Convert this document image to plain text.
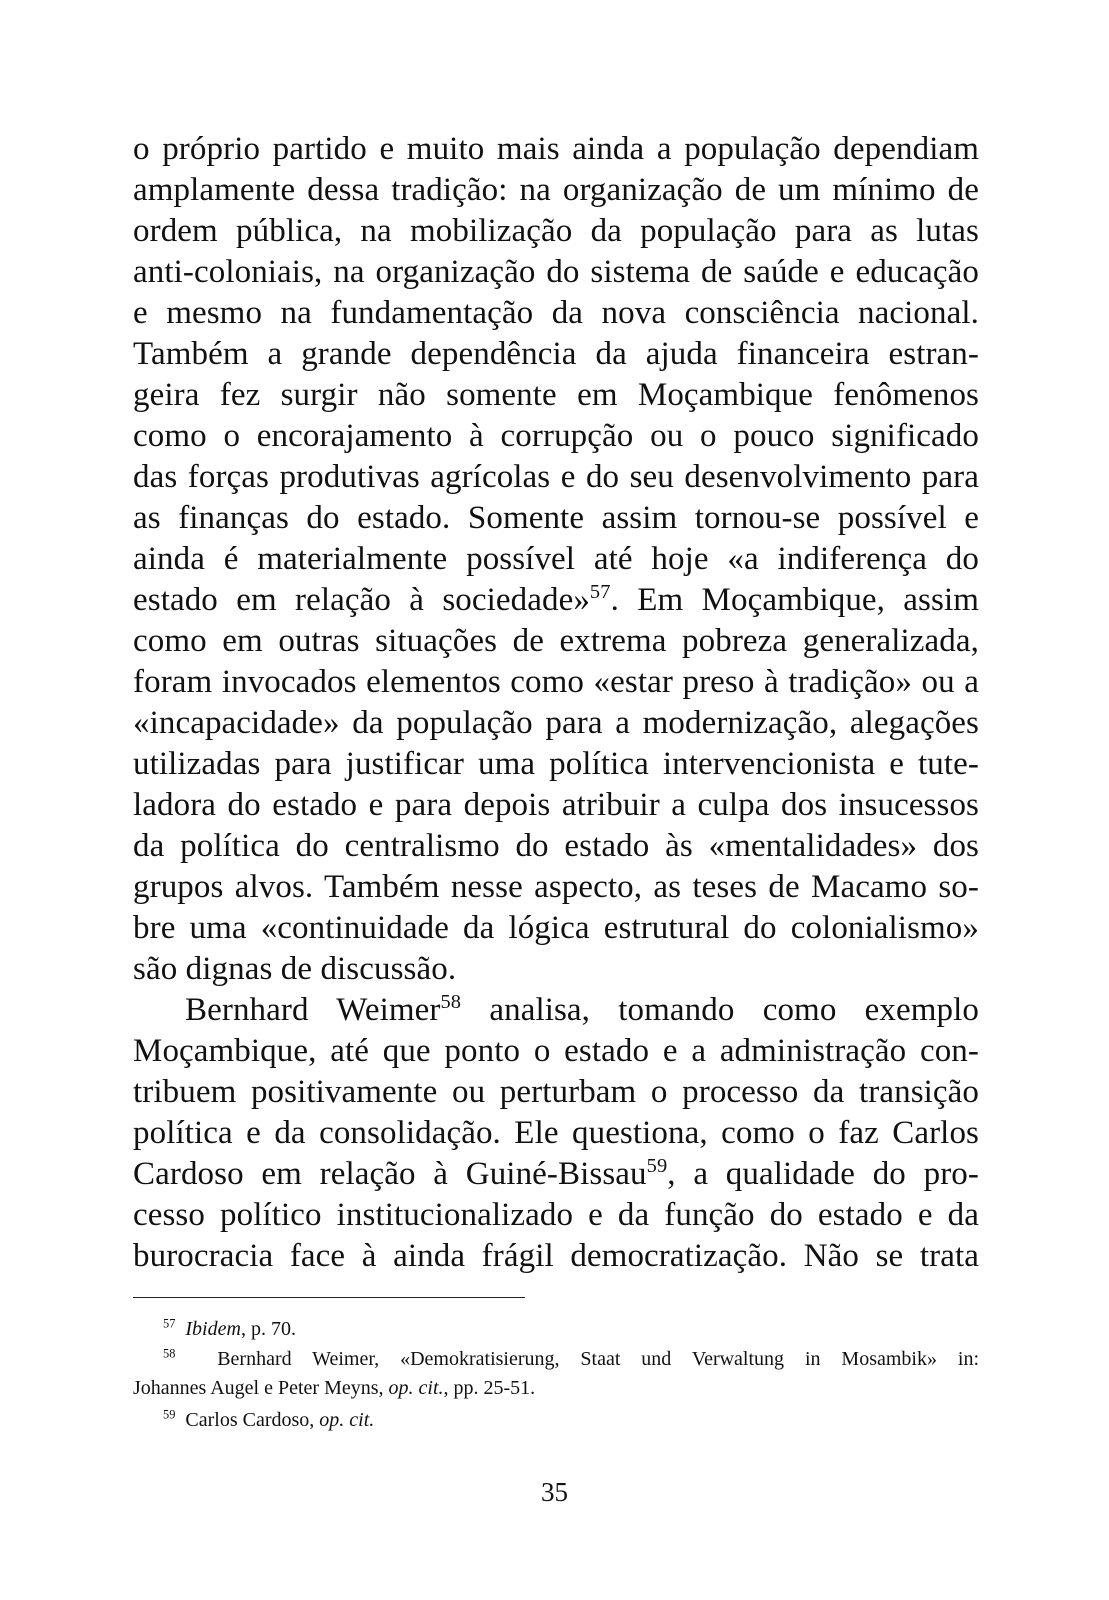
o próprio partido e muito mais ainda a população dependiam
amplamente dessa tradição: na organização de um mínimo de
ordem pública, na mobilização da população para as lutas
anti-coloniais, na organização do sistema de saúde e educação
e mesmo na fundamentação da nova consciência nacional.
Também a grande dependência da ajuda financeira estran-
geira fez surgir não somente em Moçambique fenômenos
como o encorajamento à corrupção ou o pouco significado
das forças produtivas agrícolas e do seu desenvolvimento para
as finanças do estado. Somente assim tornou-se possível e
ainda é materialmente possível até hoje «a indiferença do
estado em relação à sociedade»$^{57}$. Em Moçambique, assim
como em outras situações de extrema pobreza generalizada,
foram invocados elementos como «estar preso à tradição» ou a
«incapacidade» da população para a modernização, alegações
utilizadas para justificar uma política intervencionista e tute-
ladora do estado e para depois atribuir a culpa dos insucessos
da política do centralismo do estado às «mentalidades» dos
grupos alvos. Também nesse aspecto, as teses de Macamo so-
bre uma «continuidade da lógica estrutural do colonialismo»
são dignas de discussão.
Bernhard Weimer$^{58}$ analisa, tomando como exemplo
Moçambique, até que ponto o estado e a administração con-
tribuem positivamente ou perturbam o processo da transição
política e da consolidação. Ele questiona, como o faz Carlos
Cardoso em relação à Guiné-Bissau$^{59}$, a qualidade do pro-
cesso político institucionalizado e da função do estado e da
burocracia face à ainda frágil democratização. Não se trata
$^{57}$ Ibidem, p. 70.
$^{58}$ Bernhard Weimer, «Demokratisierung, Staat und Verwaltung in Mosambik» in:
Johannes Augel e Peter Meyns, op. cit., pp. 25-51.
$^{59}$ Carlos Cardoso, op. cit.
35
